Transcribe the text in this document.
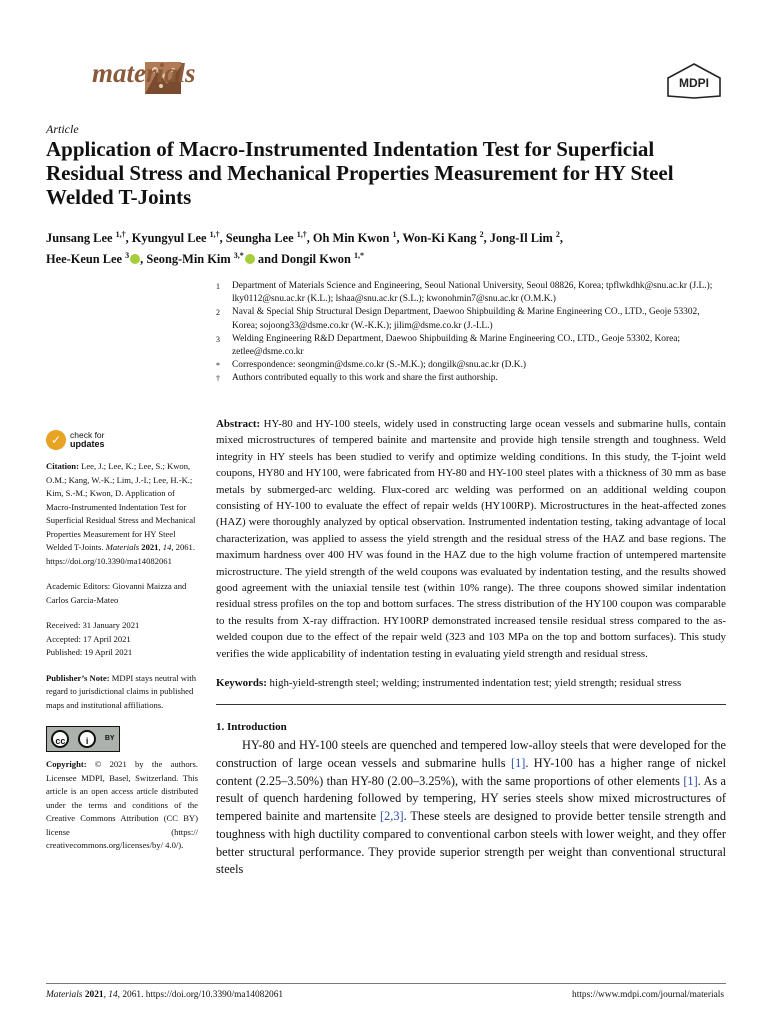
materials	MDPI
Article
Application of Macro-Instrumented Indentation Test for Superficial Residual Stress and Mechanical Properties Measurement for HY Steel Welded T-Joints
Junsang Lee $^{1,\dagger}$, Kyungyul Lee $^{1,\dagger}$, Seungha Lee $^{1,\dagger}$, Oh Min Kwon $^1$, Won-Ki Kang $^2$, Jong-Il Lim $^2$,
Hee-Keun Lee $^3$ , Seong-Min Kim $^{3,*}$ and Dongil Kwon $^{1,*}$
1	Department of Materials Science and Engineering, Seoul National University, Seoul 08826, Korea; tpflwkdhk@snu.ac.kr (J.L.); lky0112@snu.ac.kr (K.L.); lshaa@snu.ac.kr (S.L.); kwonohmin7@snu.ac.kr (O.M.K.)
2	Naval & Special Ship Structural Design Department, Daewoo Shipbuilding & Marine Engineering CO., LTD., Geoje 53302, Korea; sojoong33@dsme.co.kr (W.-K.K.); jilim@dsme.co.kr (J.-I.L.)
3	Welding Engineering R&D Department, Daewoo Shipbuilding & Marine Engineering CO., LTD., Geoje 53302, Korea; zetlee@dsme.co.kr
*	Correspondence: seongmin@dsme.co.kr (S.-M.K.); dongilk@snu.ac.kr (D.K.)
†	Authors contributed equally to this work and share the first authorship.
✓	check for
updates
Citation: Lee, J.; Lee, K.; Lee, S.; Kwon, O.M.; Kang, W.-K.; Lim, J.-I.; Lee, H.-K.; Kim, S.-M.; Kwon, D. Application of Macro-Instrumented Indentation Test for Superficial Residual Stress and Mechanical Properties Measurement for HY Steel Welded T-Joints. Materials 2021, 14, 2061. https://doi.org/10.3390/ma14082061
Academic Editors: Giovanni Maizza and Carlos Garcia-Mateo
Received: 31 January 2021
Accepted: 17 April 2021
Published: 19 April 2021
Publisher’s Note: MDPI stays neutral with regard to jurisdictional claims in published maps and institutional affiliations.
cc	i	BY
Copyright: © 2021 by the authors. Licensee MDPI, Basel, Switzerland. This article is an open access article distributed under the terms and conditions of the Creative Commons Attribution (CC BY) license (https:// creativecommons.org/licenses/by/ 4.0/).

Abstract: HY-80 and HY-100 steels, widely used in constructing large ocean vessels and submarine hulls, contain mixed microstructures of tempered bainite and martensite and provide high tensile strength and toughness. Weld integrity in HY steels has been studied to verify and optimize welding conditions. In this study, the T-joint weld coupons, HY80 and HY100, were fabricated from HY-80 and HY-100 steel plates with a thickness of 30 mm as base metals by submerged-arc welding. Flux-cored arc welding was performed on an additional welding coupon consisting of HY-100 to evaluate the effect of repair welds (HY100RP). Microstructures in the heat-affected zones (HAZ) were thoroughly analyzed by optical observation. Instrumented indentation testing, taking advantage of local characterization, was applied to assess the yield strength and the residual stress of the HAZ and base regions. The maximum hardness over 400 HV was found in the HAZ due to the high volume fraction of untempered martensite microstructure. The yield strength of the weld coupons was evaluated by indentation testing, and the results showed good agreement with the uniaxial tensile test (within 10% range). The three coupons showed similar indentation residual stress profiles on the top and bottom surfaces. The stress distribution of the HY100 coupon was comparable to the results from X-ray diffraction. HY100RP demonstrated increased tensile residual stress compared to the as-welded coupon due to the effect of the repair weld (323 and 103 MPa on the top and bottom surfaces). This study verifies the wide applicability of indentation testing in evaluating yield strength and residual stress.

Keywords: high-yield-strength steel; welding; instrumented indentation test; yield strength; residual stress

1. Introduction

HY-80 and HY-100 steels are quenched and tempered low-alloy steels that were developed for the construction of large ocean vessels and submarine hulls [1]. HY-100 has a higher range of nickel content (2.25–3.50%) than HY-80 (2.00–3.25%), with the same proportions of other elements [1]. As a result of quench hardening followed by tempering, HY series steels show mixed microstructures of tempered bainite and martensite [2,3]. These steels are designed to provide better tensile strength and toughness with high ductility compared to conventional carbon steels with lower weight, and they offer better structural performance. They provide superior strength per weight than conventional structural steels

Materials 2021, 14, 2061. https://doi.org/10.3390/ma14082061	https://www.mdpi.com/journal/materials
